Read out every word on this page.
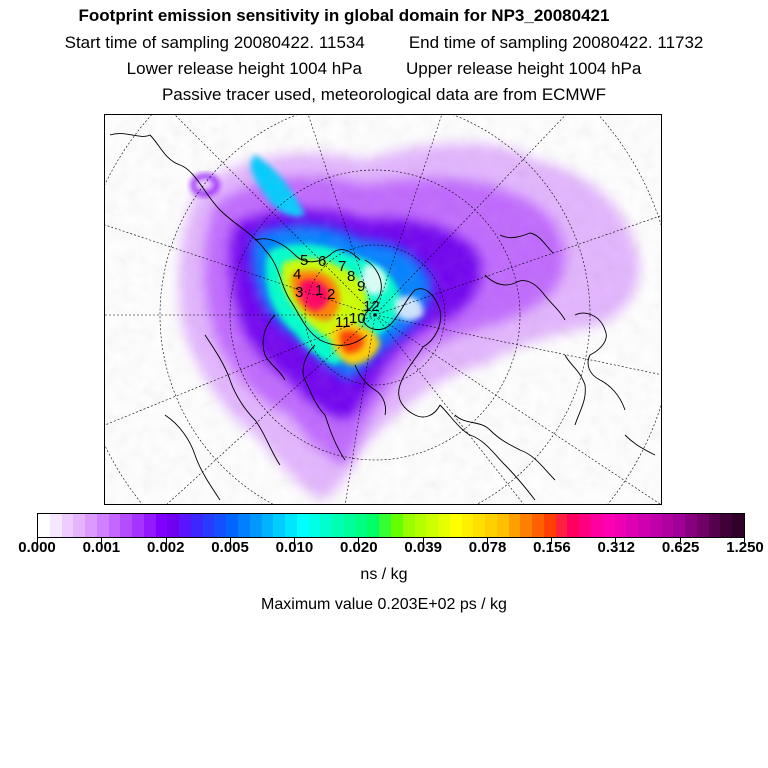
Footprint emission sensitivity in global domain for NP3_20080421
Start time of sampling 20080422. 11534	End time of sampling 20080422. 11732
Lower release height 1004 hPa	Upper release height 1004 hPa
Passive tracer used, meteorological data are from ECMWF
5 6 7
4	8
1 2
3	9
10
11
12
0.000 0.001 0.002 0.005 0.010 0.020 0.039 0.078 0.156 0.312 0.625 1.250
ns / kg
Maximum value 0.203E+02 ps / kg
